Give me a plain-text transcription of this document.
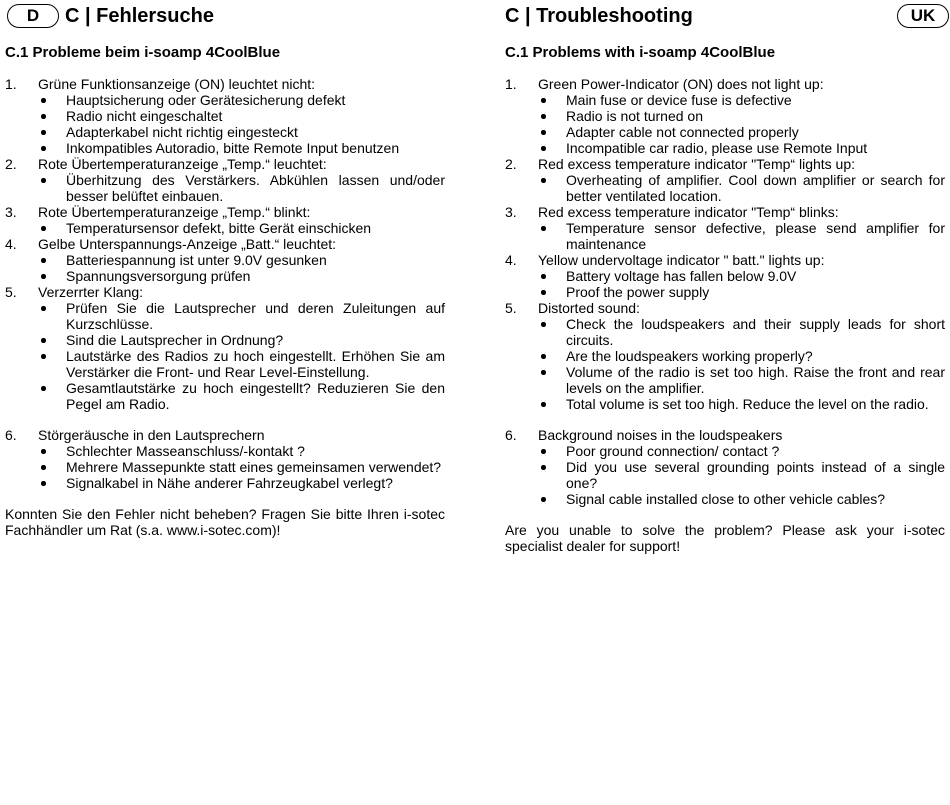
D	C | Fehlersuche
C.1 Probleme beim i-soamp 4CoolBlue
1. Grüne Funktionsanzeige (ON) leuchtet nicht:
Hauptsicherung oder Gerätesicherung defekt
Radio nicht eingeschaltet
Adapterkabel nicht richtig eingesteckt
Inkompatibles Autoradio, bitte Remote Input benutzen
2. Rote Übertemperaturanzeige „Temp.“ leuchtet:
Überhitzung des Verstärkers. Abkühlen lassen und/oder besser belüftet einbauen.
3. Rote Übertemperaturanzeige „Temp.“ blinkt:
Temperatursensor defekt, bitte Gerät einschicken
4. Gelbe Unterspannungs-Anzeige „Batt.“ leuchtet:
Batteriespannung ist unter 9.0V gesunken
Spannungsversorgung prüfen
5. Verzerrter Klang:
Prüfen Sie die Lautsprecher und deren Zuleitungen auf Kurzschlüsse.
Sind die Lautsprecher in Ordnung?
Lautstärke des Radios zu hoch eingestellt. Erhöhen Sie am Verstärker die Front- und Rear Level-Einstellung.
Gesamtlautstärke zu hoch eingestellt? Reduzieren Sie den Pegel am Radio.
6. Störgeräusche in den Lautsprechern
Schlechter Masseanschluss/-kontakt ?
Mehrere Massepunkte statt eines gemeinsamen verwendet?
Signalkabel in Nähe anderer Fahrzeugkabel verlegt?
Konnten Sie den Fehler nicht beheben? Fragen Sie bitte Ihren i-sotec Fachhändler um Rat (s.a. www.i-sotec.com)!
C | Troubleshooting	UK
C.1 Problems with i-soamp 4CoolBlue
1. Green Power-Indicator (ON) does not light up:
Main fuse or device fuse is defective
Radio is not turned on
Adapter cable not connected properly
Incompatible car radio, please use Remote Input
2. Red excess temperature indicator "Temp“ lights up:
Overheating of amplifier. Cool down amplifier or search for better ventilated location.
3. Red excess temperature indicator "Temp“ blinks:
Temperature sensor defective, please send amplifier for maintenance
4. Yellow undervoltage indicator " batt." lights up:
Battery voltage has fallen below 9.0V
Proof the power supply
5. Distorted sound:
Check the loudspeakers and their supply leads for short circuits.
Are the loudspeakers working properly?
Volume of the radio is set too high. Raise the front and rear levels on the amplifier.
Total volume is set too high. Reduce the level on the radio.
6. Background noises in the loudspeakers
Poor ground connection/ contact ?
Did you use several grounding points instead of a single one?
Signal cable installed close to other vehicle cables?
Are you unable to solve the problem? Please ask your i-sotec specialist dealer for support!
